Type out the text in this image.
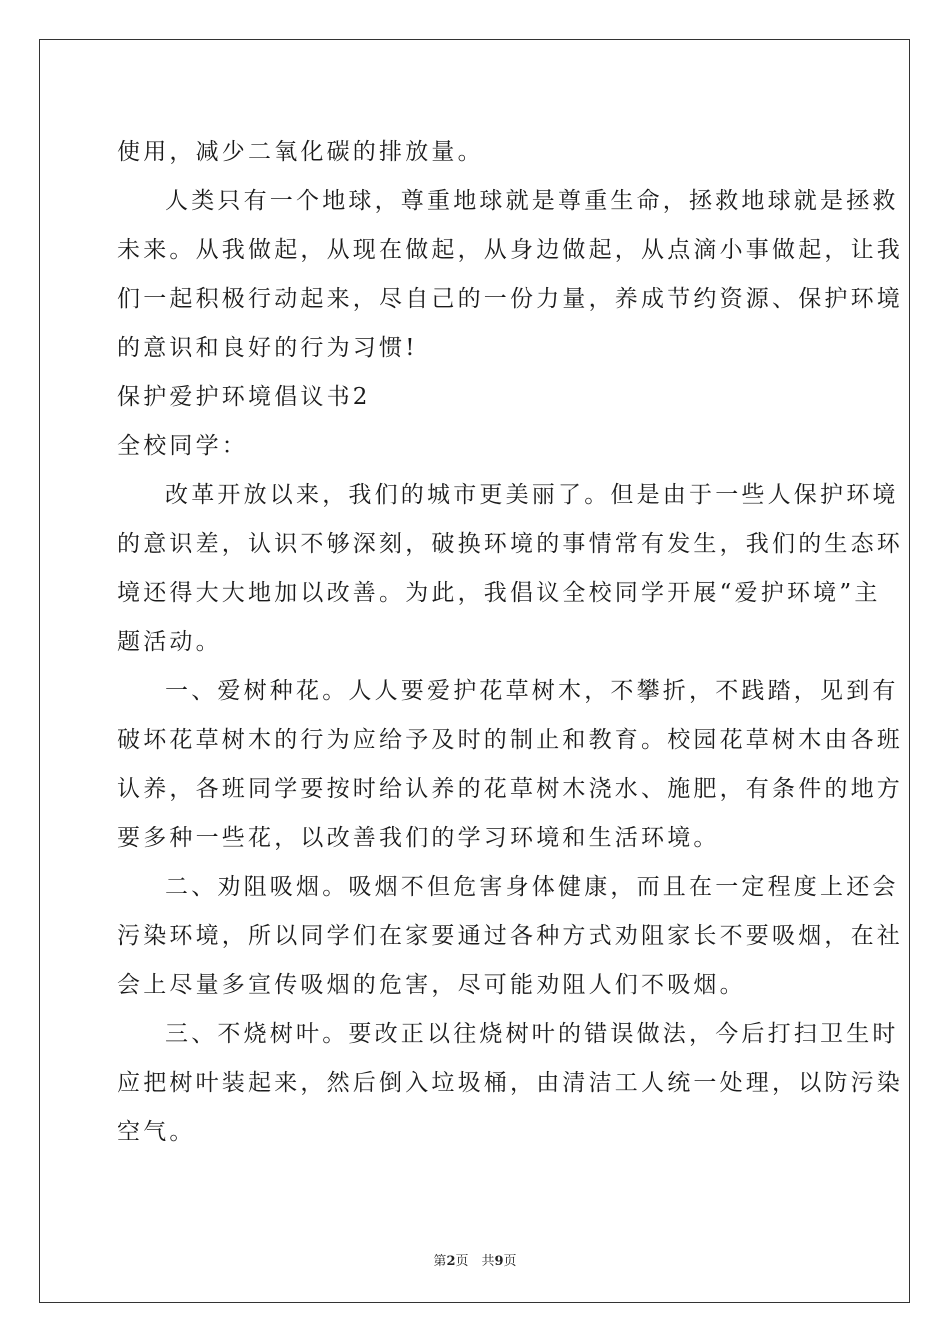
使用，减少二氧化碳的排放量。
人类只有一个地球，尊重地球就是尊重生命，拯救地球就是拯救
未来。从我做起，从现在做起，从身边做起，从点滴小事做起，让我
们一起积极行动起来，尽自己的一份力量，养成节约资源、保护环境
的意识和良好的行为习惯!
保护爱护环境倡议书2
全校同学：
改革开放以来，我们的城市更美丽了。但是由于一些人保护环境
的意识差，认识不够深刻，破换环境的事情常有发生，我们的生态环
境还得大大地加以改善。为此，我倡议全校同学开展“爱护环境”主
题活动。
一、爱树种花。人人要爱护花草树木，不攀折，不践踏，见到有
破坏花草树木的行为应给予及时的制止和教育。校园花草树木由各班
认养，各班同学要按时给认养的花草树木浇水、施肥，有条件的地方
要多种一些花，以改善我们的学习环境和生活环境。
二、劝阻吸烟。吸烟不但危害身体健康，而且在一定程度上还会
污染环境，所以同学们在家要通过各种方式劝阻家长不要吸烟，在社
会上尽量多宣传吸烟的危害，尽可能劝阻人们不吸烟。
三、不烧树叶。要改正以往烧树叶的错误做法，今后打扫卫生时
应把树叶装起来，然后倒入垃圾桶，由清洁工人统一处理，以防污染
空气。
第2页　共9页
